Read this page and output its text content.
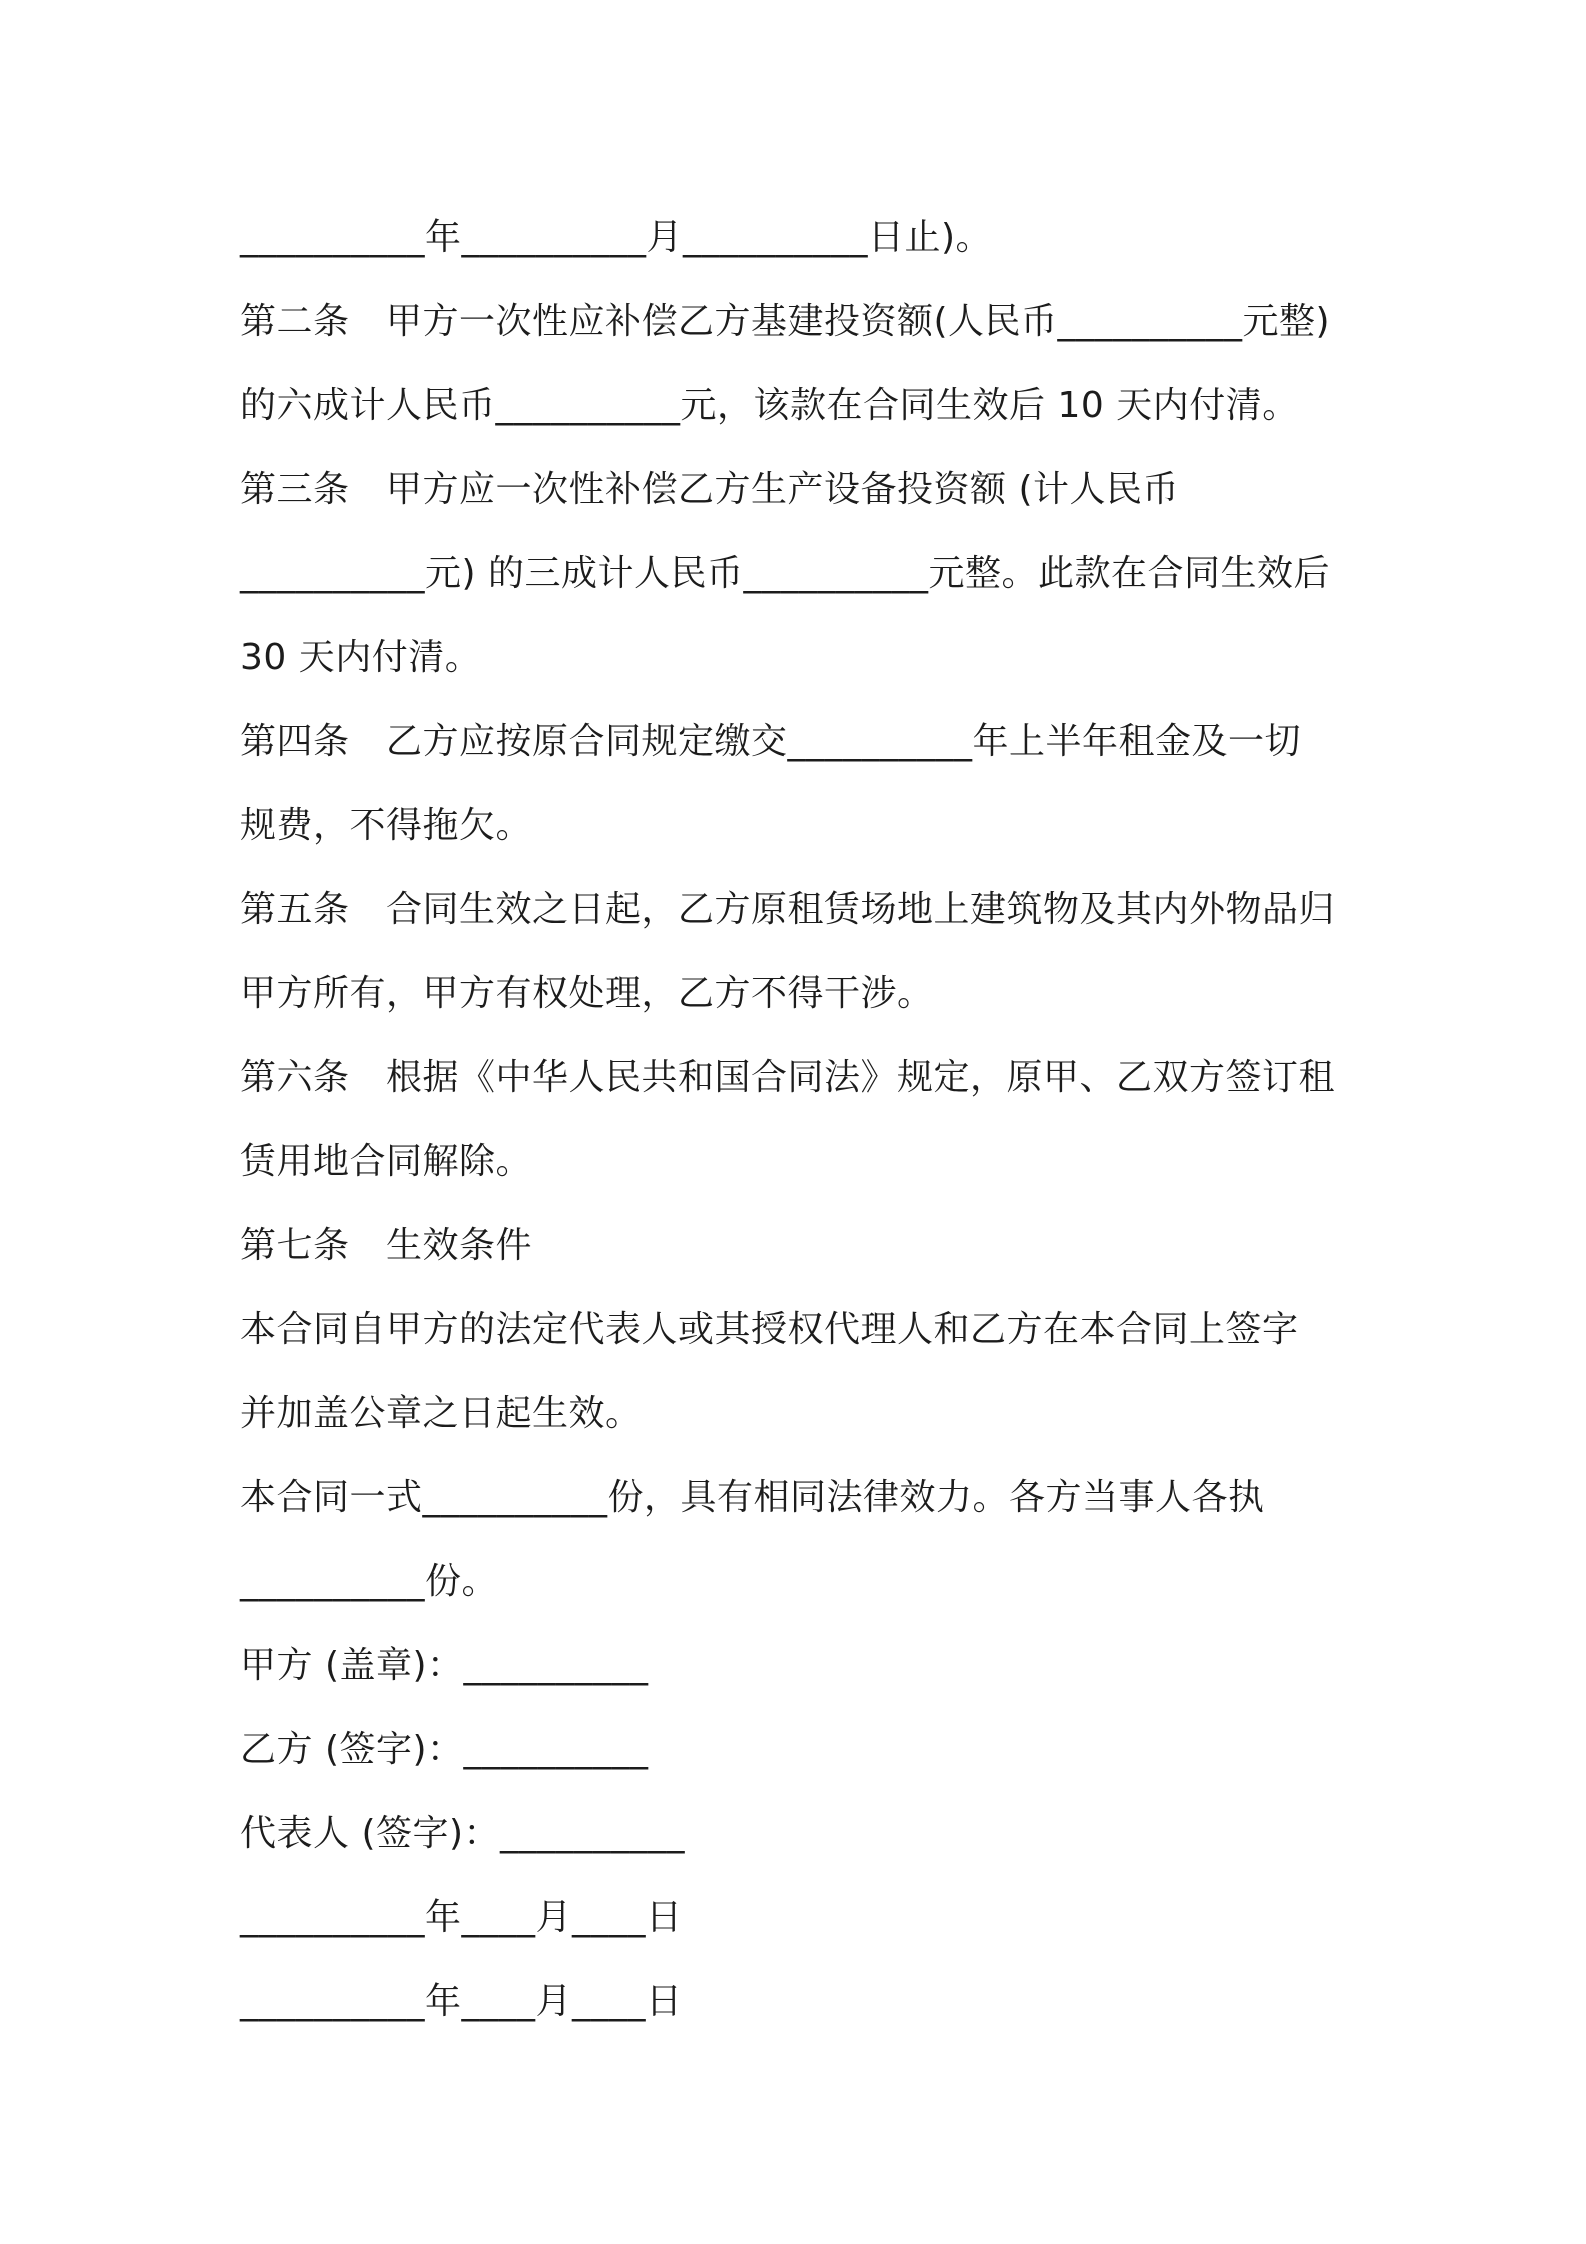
__________年__________月__________日止)。
第二条　甲方一次性应补偿乙方基建投资额(人民币__________元整)
的六成计人民币__________元，该款在合同生效后 10 天内付清。
第三条　甲方应一次性补偿乙方生产设备投资额 (计人民币
__________元) 的三成计人民币__________元整。此款在合同生效后
30 天内付清。
第四条　乙方应按原合同规定缴交__________年上半年租金及一切
规费，不得拖欠。
第五条　合同生效之日起，乙方原租赁场地上建筑物及其内外物品归
甲方所有，甲方有权处理，乙方不得干涉。
第六条　根据《中华人民共和国合同法》规定，原甲、乙双方签订租
赁用地合同解除。
第七条　生效条件
本合同自甲方的法定代表人或其授权代理人和乙方在本合同上签字
并加盖公章之日起生效。
本合同一式__________份，具有相同法律效力。各方当事人各执
__________份。
甲方 (盖章)：__________
乙方 (签字)：__________
代表人 (签字)：__________
__________年____月____日
__________年____月____日
